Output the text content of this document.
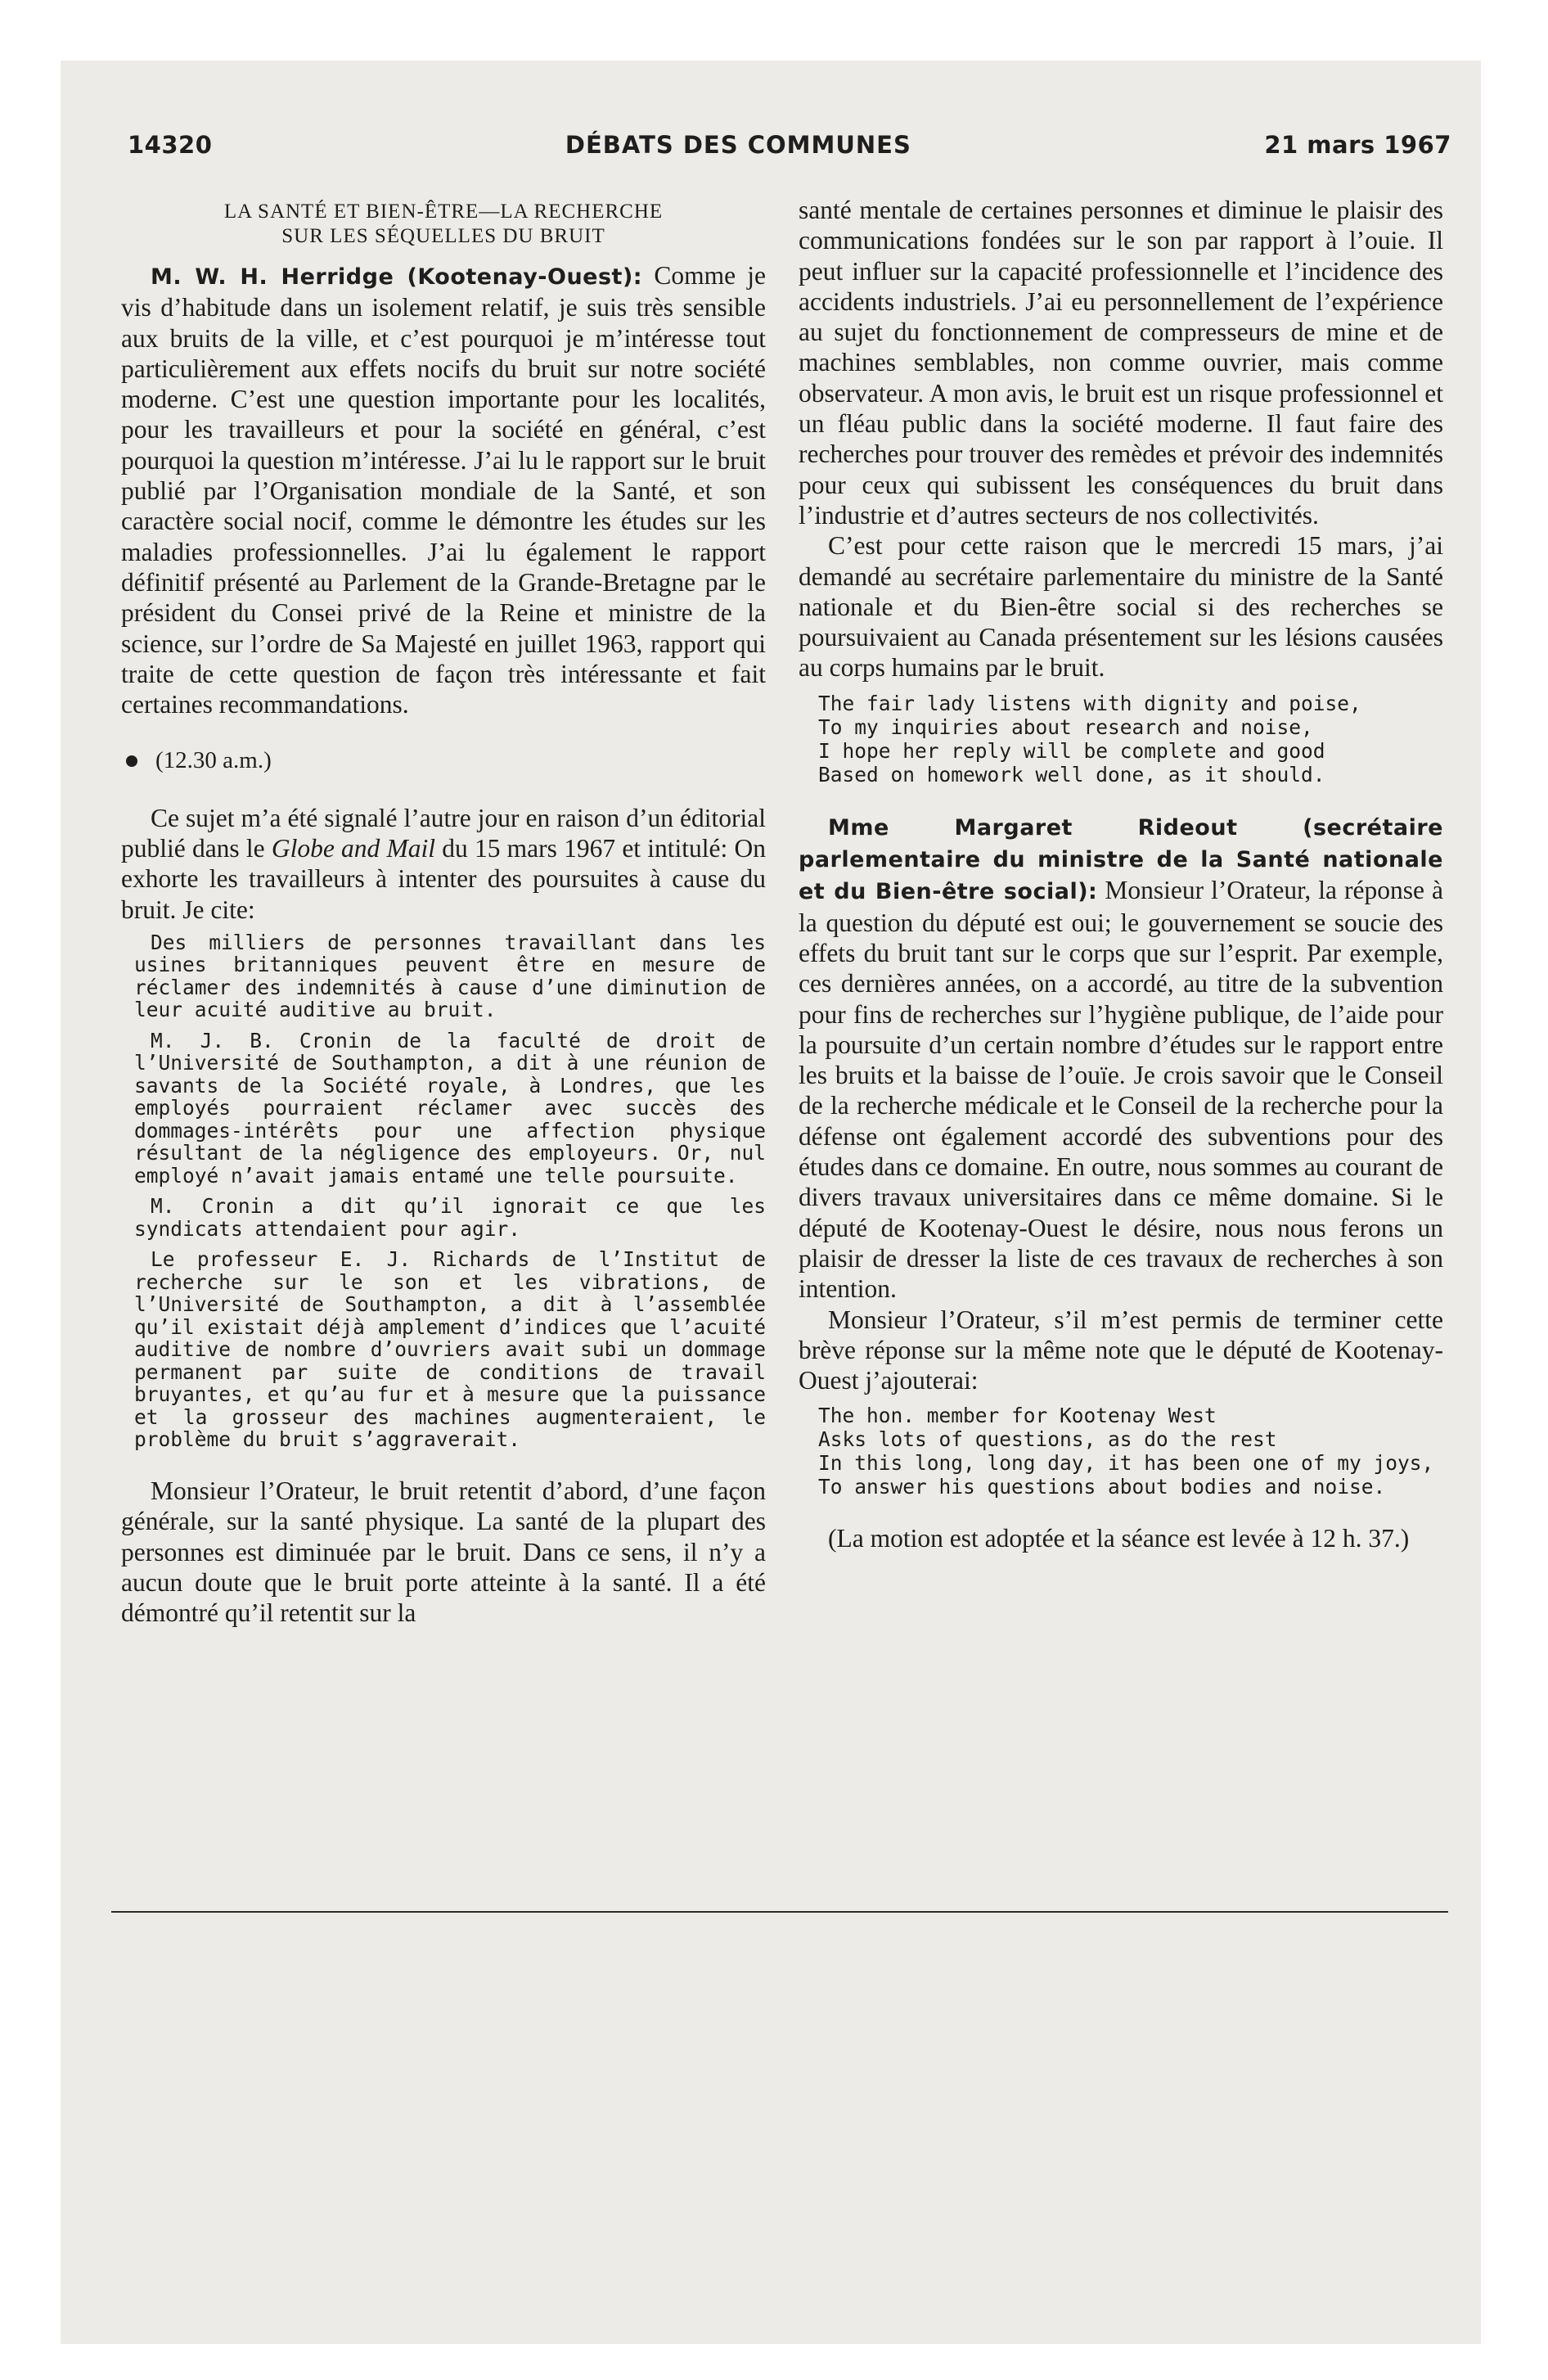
14320	DÉBATS DES COMMUNES	21 mars 1967
LA SANTÉ ET BIEN-ÊTRE—LA RECHERCHE
SUR LES SÉQUELLES DU BRUIT

M. W. H. Herridge (Kootenay-Ouest): Comme je vis d’habitude dans un isolement relatif, je suis très sensible aux bruits de la ville, et c’est pourquoi je m’intéresse tout particulièrement aux effets nocifs du bruit sur notre société moderne. C’est une question importante pour les localités, pour les travailleurs et pour la société en général, c’est pourquoi la question m’intéresse. J’ai lu le rapport sur le bruit publié par l’Organisation mondiale de la Santé, et son caractère social nocif, comme le démontre les études sur les maladies professionnelles. J’ai lu également le rapport définitif présenté au Parlement de la Grande-Bretagne par le président du Consei privé de la Reine et ministre de la science, sur l’ordre de Sa Majesté en juillet 1963, rapport qui traite de cette question de façon très intéressante et fait certaines recommandations.

(12.30 a.m.)

Ce sujet m’a été signalé l’autre jour en raison d’un éditorial publié dans le Globe and Mail du 15 mars 1967 et intitulé: On exhorte les travailleurs à intenter des poursuites à cause du bruit. Je cite:

Des milliers de personnes travaillant dans les usines britanniques peuvent être en mesure de réclamer des indemnités à cause d’une diminution de leur acuité auditive au bruit.

M. J. B. Cronin de la faculté de droit de l’Université de Southampton, a dit à une réunion de savants de la Société royale, à Londres, que les employés pourraient réclamer avec succès des dommages-intérêts pour une affection physique résultant de la négligence des employeurs. Or, nul employé n’avait jamais entamé une telle poursuite.

M. Cronin a dit qu’il ignorait ce que les syndicats attendaient pour agir.

Le professeur E. J. Richards de l’Institut de recherche sur le son et les vibrations, de l’Université de Southampton, a dit à l’assemblée qu’il existait déjà amplement d’indices que l’acuité auditive de nombre d’ouvriers avait subi un dommage permanent par suite de conditions de travail bruyantes, et qu’au fur et à mesure que la puissance et la grosseur des machines augmenteraient, le problème du bruit s’aggraverait.

Monsieur l’Orateur, le bruit retentit d’abord, d’une façon générale, sur la santé physique. La santé de la plupart des personnes est diminuée par le bruit. Dans ce sens, il n’y a aucun doute que le bruit porte atteinte à la santé. Il a été démontré qu’il retentit sur la

santé mentale de certaines personnes et diminue le plaisir des communications fondées sur le son par rapport à l’ouie. Il peut influer sur la capacité professionnelle et l’incidence des accidents industriels. J’ai eu personnellement de l’expérience au sujet du fonctionnement de compresseurs de mine et de machines semblables, non comme ouvrier, mais comme observateur. A mon avis, le bruit est un risque professionnel et un fléau public dans la société moderne. Il faut faire des recherches pour trouver des remèdes et prévoir des indemnités pour ceux qui subissent les conséquences du bruit dans l’industrie et d’autres secteurs de nos collectivités.

C’est pour cette raison que le mercredi 15 mars, j’ai demandé au secrétaire parlementaire du ministre de la Santé nationale et du Bien-être social si des recherches se poursuivaient au Canada présentement sur les lésions causées au corps humains par le bruit.

The fair lady listens with dignity and poise,
To my inquiries about research and noise,
I hope her reply will be complete and good
Based on homework well done, as it should.

Mme Margaret Rideout (secrétaire parlementaire du ministre de la Santé nationale et du Bien-être social): Monsieur l’Orateur, la réponse à la question du député est oui; le gouvernement se soucie des effets du bruit tant sur le corps que sur l’esprit. Par exemple, ces dernières années, on a accordé, au titre de la subvention pour fins de recherches sur l’hygiène publique, de l’aide pour la poursuite d’un certain nombre d’études sur le rapport entre les bruits et la baisse de l’ouïe. Je crois savoir que le Conseil de la recherche médicale et le Conseil de la recherche pour la défense ont également accordé des subventions pour des études dans ce domaine. En outre, nous sommes au courant de divers travaux universitaires dans ce même domaine. Si le député de Kootenay-Ouest le désire, nous nous ferons un plaisir de dresser la liste de ces travaux de recherches à son intention.

Monsieur l’Orateur, s’il m’est permis de terminer cette brève réponse sur la même note que le député de Kootenay-Ouest j’ajouterai:

The hon. member for Kootenay West
Asks lots of questions, as do the rest
In this long, long day, it has been one of my joys,
To answer his questions about bodies and noise.

(La motion est adoptée et la séance est levée à 12 h. 37.)
